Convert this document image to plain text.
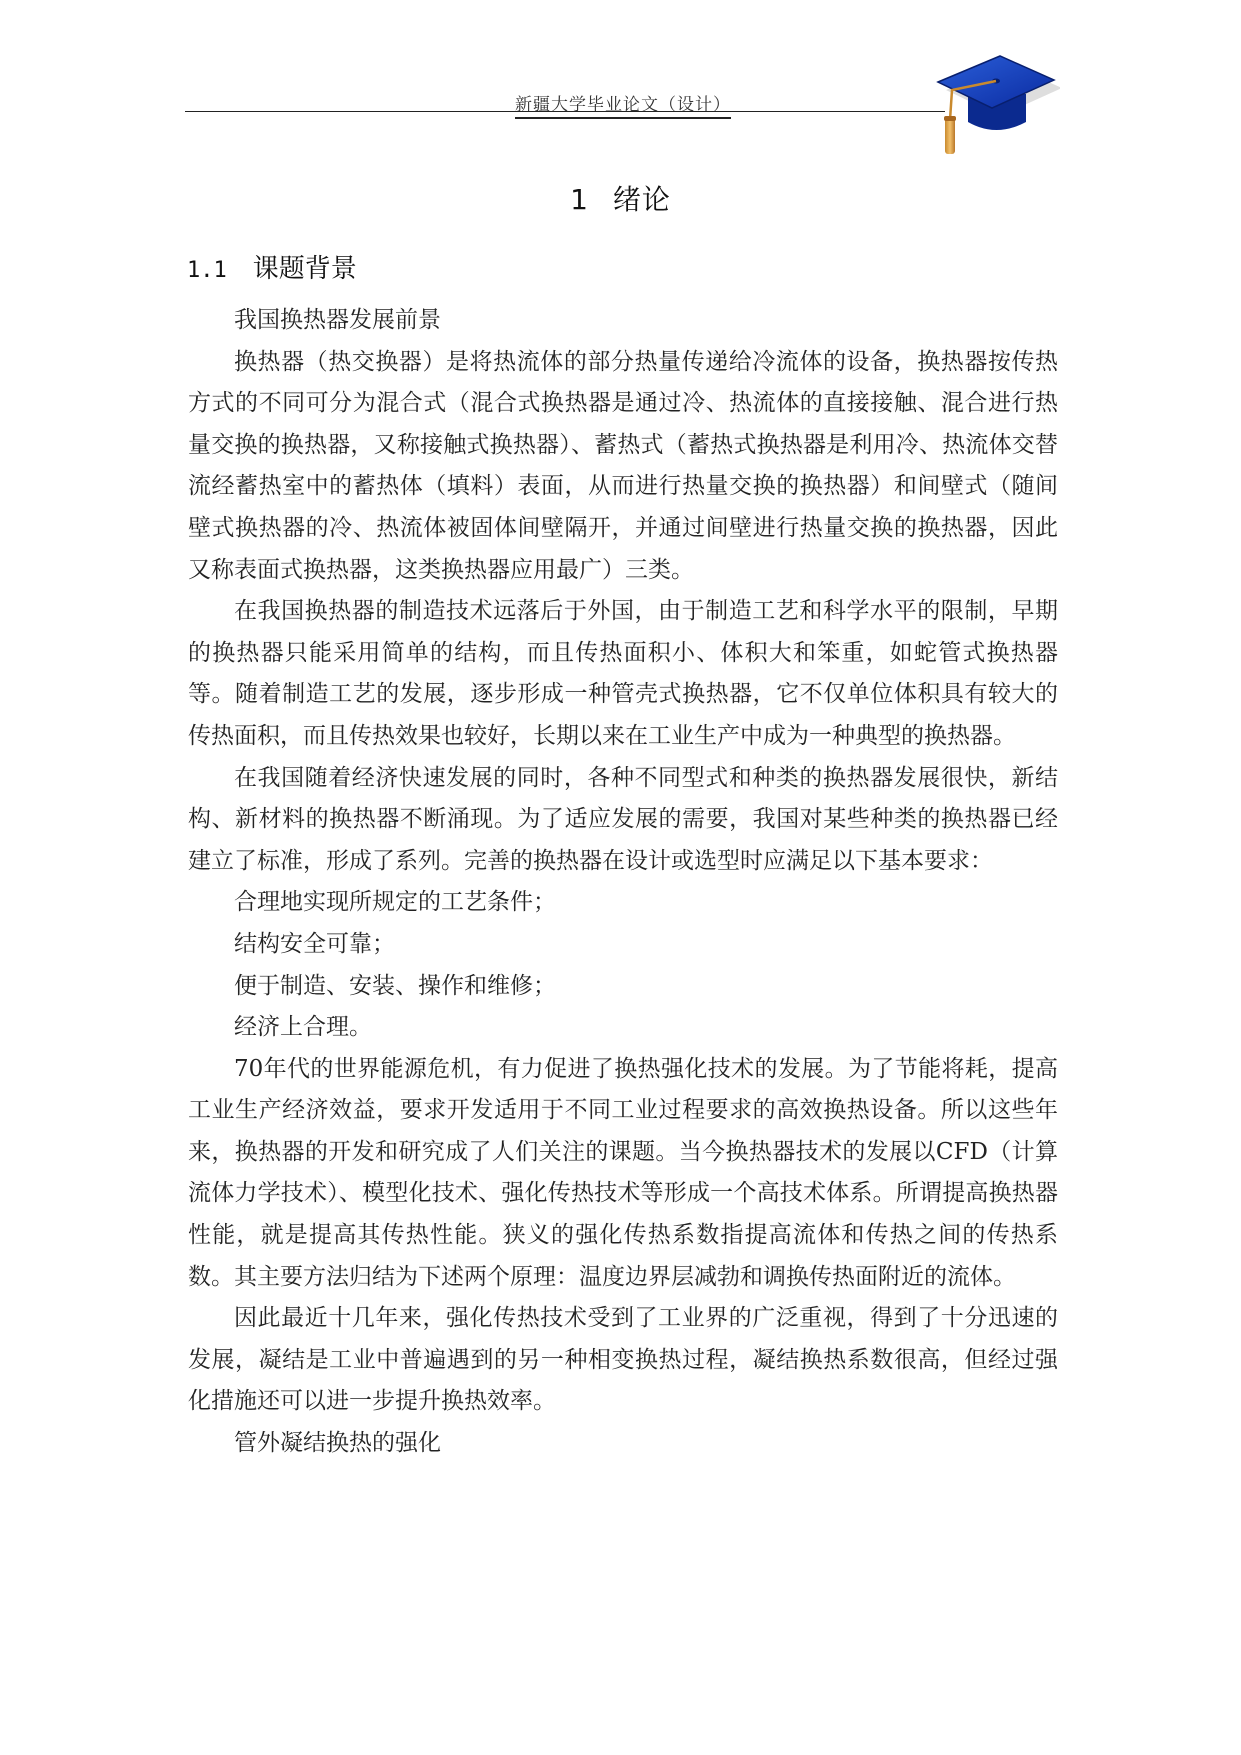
新疆大学毕业论文（设计）
1 绪论
1.1 课题背景

我国换热器发展前景

换热器（热交换器）是将热流体的部分热量传递给冷流体的设备，换热器按传热方式的不同可分为混合式（混合式换热器是通过冷、热流体的直接接触、混合进行热量交换的换热器，又称接触式换热器）、蓄热式（蓄热式换热器是利用冷、热流体交替流经蓄热室中的蓄热体（填料）表面，从而进行热量交换的换热器）和间壁式（随间壁式换热器的冷、热流体被固体间壁隔开，并通过间壁进行热量交换的换热器，因此又称表面式换热器，这类换热器应用最广）三类。

在我国换热器的制造技术远落后于外国，由于制造工艺和科学水平的限制，早期的换热器只能采用简单的结构，而且传热面积小、体积大和笨重，如蛇管式换热器等。随着制造工艺的发展，逐步形成一种管壳式换热器，它不仅单位体积具有较大的传热面积，而且传热效果也较好，长期以来在工业生产中成为一种典型的换热器。

在我国随着经济快速发展的同时，各种不同型式和种类的换热器发展很快，新结构、新材料的换热器不断涌现。为了适应发展的需要，我国对某些种类的换热器已经建立了标准，形成了系列。完善的换热器在设计或选型时应满足以下基本要求：

合理地实现所规定的工艺条件；

结构安全可靠；

便于制造、安装、操作和维修；

经济上合理。

70年代的世界能源危机，有力促进了换热强化技术的发展。为了节能将耗，提高工业生产经济效益，要求开发适用于不同工业过程要求的高效换热设备。所以这些年来，换热器的开发和研究成了人们关注的课题。当今换热器技术的发展以CFD（计算流体力学技术）、模型化技术、强化传热技术等形成一个高技术体系。所谓提高换热器性能，就是提高其传热性能。狭义的强化传热系数指提高流体和传热之间的传热系数。其主要方法归结为下述两个原理：温度边界层减勃和调换传热面附近的流体。

因此最近十几年来，强化传热技术受到了工业界的广泛重视，得到了十分迅速的发展，凝结是工业中普遍遇到的另一种相变换热过程，凝结换热系数很高，但经过强化措施还可以进一步提升换热效率。

管外凝结换热的强化
